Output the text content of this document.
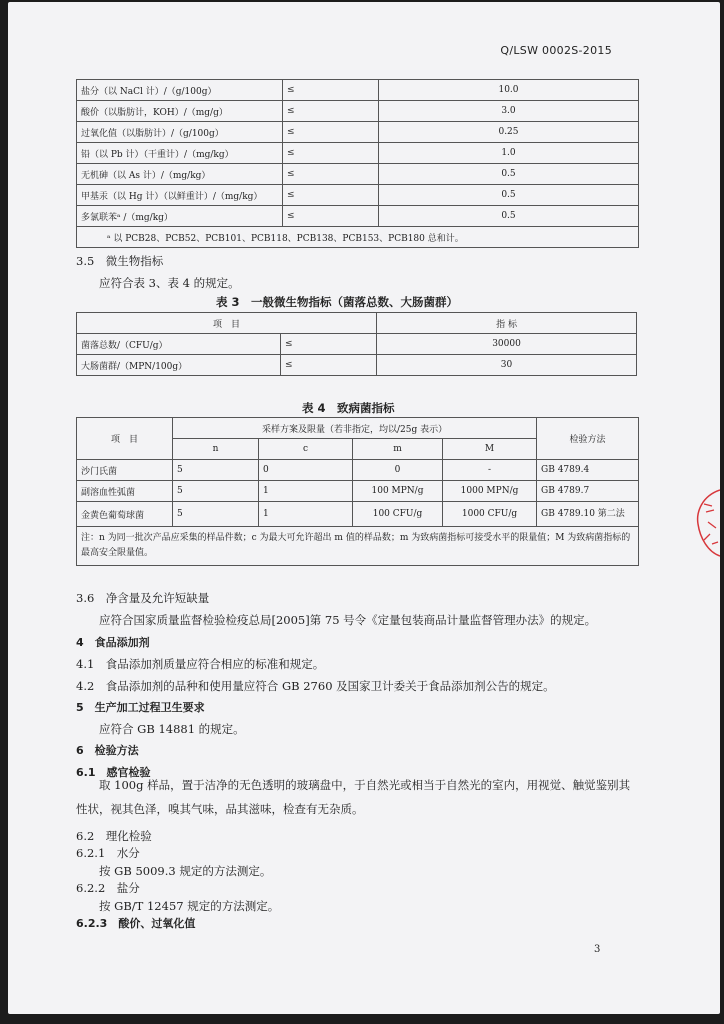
Q/LSW 0002S-2015
盐分（以 NaCl 计）/（g/100g）	≤	10.0
酸价（以脂肪计，KOH）/（mg/g）	≤	3.0
过氧化值（以脂肪计）/（g/100g）	≤	0.25
铅（以 Pb 计）（干重计）/（mg/kg）	≤	1.0
无机砷（以 As 计）/（mg/kg）	≤	0.5
甲基汞（以 Hg 计）（以鲜重计）/（mg/kg）	≤	0.5
多氯联苯ᵃ /（mg/kg）	≤	0.5
ᵃ 以 PCB28、PCB52、PCB101、PCB118、PCB138、PCB153、PCB180 总和计。		
3.5　 微生物指标
应符合表 3、表 4 的规定。
表 3　一般微生物指标（菌落总数、大肠菌群）
项　目		指 标
菌落总数/（CFU/g）	≤	30000
大肠菌群/（MPN/100g）	≤	30
表 4　致病菌指标
项　目	采样方案及限量（若非指定，均以/25g 表示）				检验方法
	n	c	m	M	
沙门氏菌	5	0	0	-	GB 4789.4
副溶血性弧菌	5	1	100 MPN/g	1000 MPN/g	GB 4789.7
金黄色葡萄球菌	5	1	100 CFU/g	1000 CFU/g	GB 4789.10 第二法
注：n 为同一批次产品应采集的样品件数；c 为最大可允许超出 m 值的样品数；m 为致病菌指标可接受水平的限量值；M 为致病菌指标的最高安全限量值。					
3.6　 净含量及允许短缺量
应符合国家质量监督检验检疫总局[2005]第 75 号令《定量包装商品计量监督管理办法》的规定。
4　 食品添加剂
4.1　 食品添加剂质量应符合相应的标准和规定。
4.2　 食品添加剂的品种和使用量应符合 GB 2760 及国家卫计委关于食品添加剂公告的规定。
5　 生产加工过程卫生要求
应符合 GB 14881 的规定。
6　 检验方法
6.1　 感官检验
取 100g 样品，置于洁净的无色透明的玻璃盘中，于自然光或相当于自然光的室内，用视觉、触觉鉴别其性状，视其色泽，嗅其气味，品其滋味，检查有无杂质。
6.2　 理化检验
6.2.1　 水分
按 GB 5009.3 规定的方法测定。
6.2.2　 盐分
按 GB/T 12457 规定的方法测定。
6.2.3　 酸价、过氧化值
3
